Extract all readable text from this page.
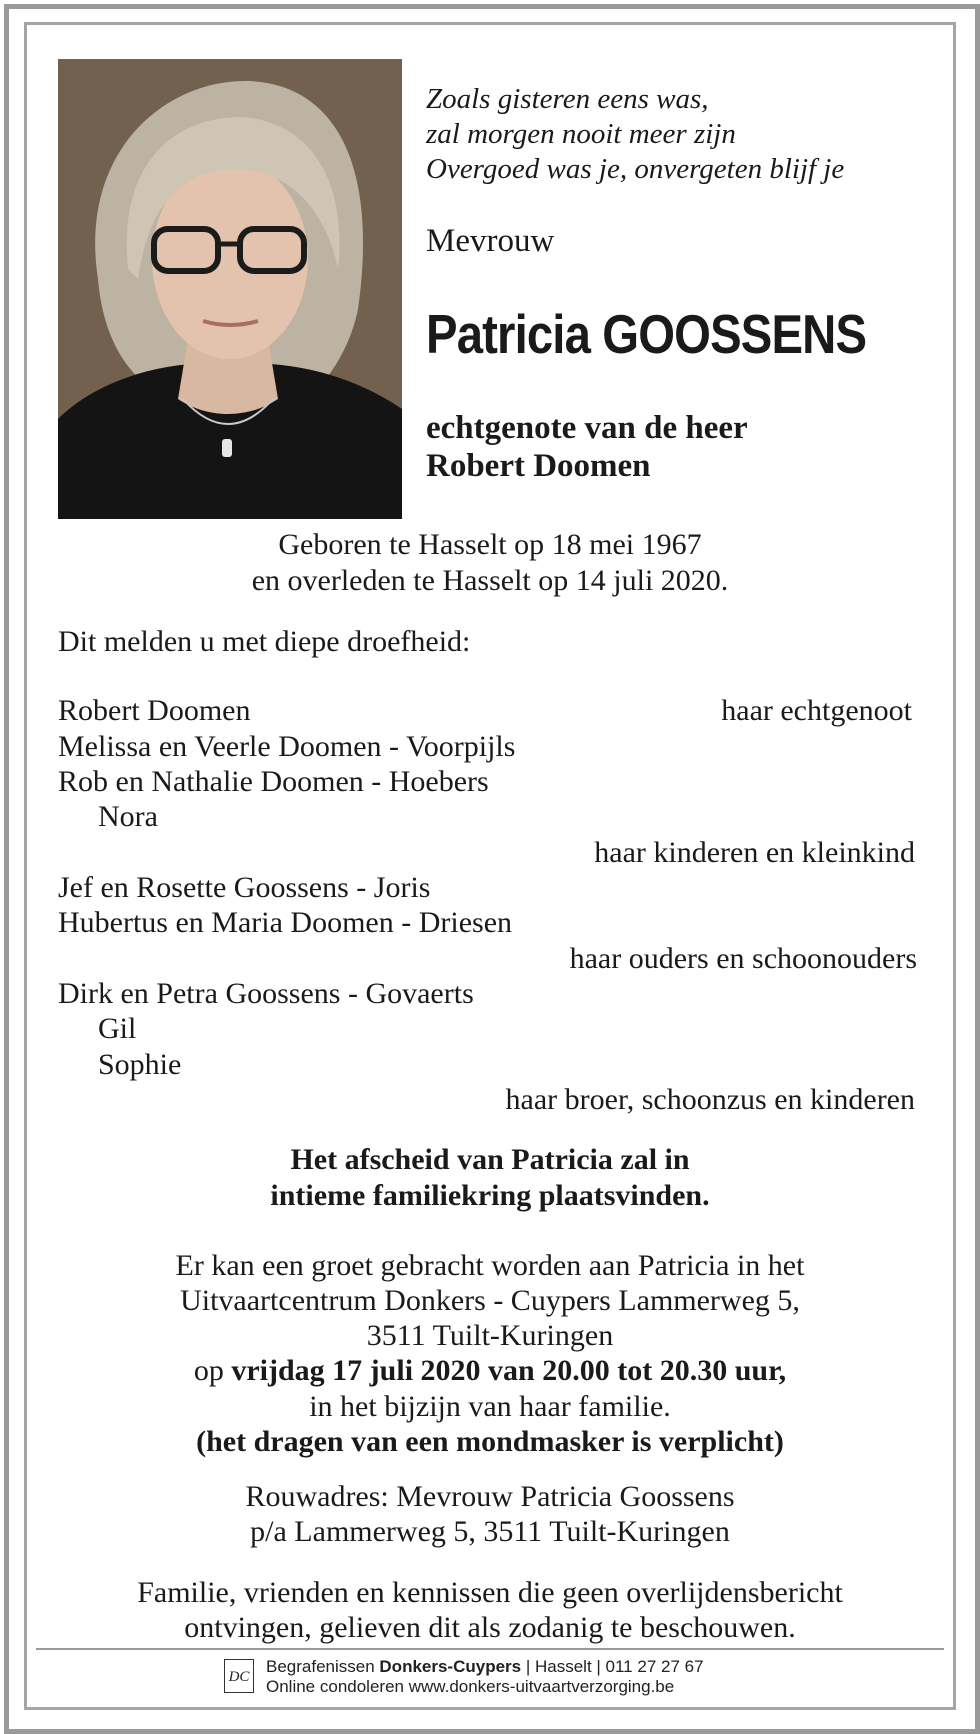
Zoals gisteren eens was,
zal morgen nooit meer zijn
Overgoed was je, onvergeten blijf je
Mevrouw
Patricia GOOSSENS
echtgenote van de heer
Robert Doomen
Geboren te Hasselt op 18 mei 1967
en overleden te Hasselt op 14 juli 2020.
Dit melden u met diepe droefheid:
Robert Doomen	haar echtgenoot
Melissa en Veerle Doomen - Voorpijls
Rob en Nathalie Doomen - Hoebers
Nora
haar kinderen en kleinkind
Jef en Rosette Goossens - Joris
Hubertus en Maria Doomen - Driesen
haar ouders en schoonouders
Dirk en Petra Goossens - Govaerts
Gil
Sophie
haar broer, schoonzus en kinderen
Het afscheid van Patricia zal in
intieme familiekring plaatsvinden.
Er kan een groet gebracht worden aan Patricia in het
Uitvaartcentrum Donkers - Cuypers Lammerweg 5,
3511 Tuilt-Kuringen
op vrijdag 17 juli 2020 van 20.00 tot 20.30 uur,
in het bijzijn van haar familie.
(het dragen van een mondmasker is verplicht)
Rouwadres: Mevrouw Patricia Goossens
p/a Lammerweg 5, 3511 Tuilt-Kuringen
Familie, vrienden en kennissen die geen overlijdensbericht
ontvingen, gelieven dit als zodanig te beschouwen.
DC
Begrafenissen Donkers-Cuypers | Hasselt | 011 27 27 67
Online condoleren www.donkers-uitvaartverzorging.be
